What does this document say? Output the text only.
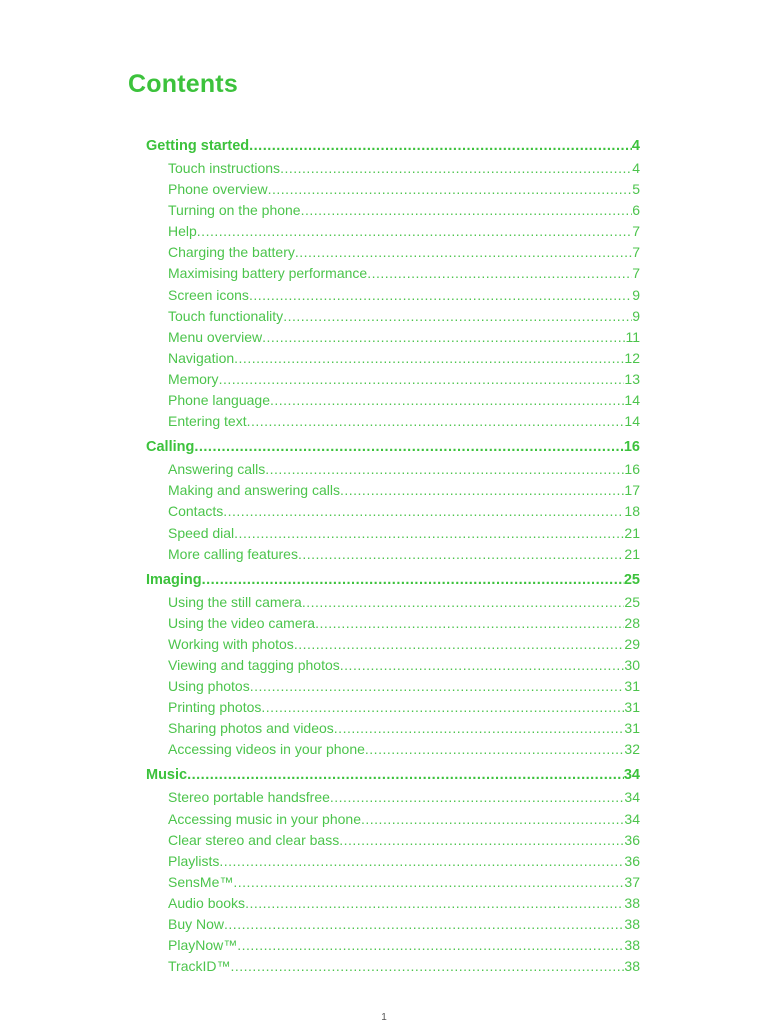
Contents
Getting started .....	4
Touch instructions .....	4
Phone overview .....	5
Turning on the phone .....	6
Help .....	7
Charging the battery .....	7
Maximising battery performance .....	7
Screen icons .....	9
Touch functionality .....	9
Menu overview .....	11
Navigation .....	12
Memory .....	13
Phone language .....	14
Entering text .....	14
Calling .....	16
Answering calls .....	16
Making and answering calls .....	17
Contacts .....	18
Speed dial .....	21
More calling features .....	21
Imaging .....	25
Using the still camera .....	25
Using the video camera .....	28
Working with photos .....	29
Viewing and tagging photos .....	30
Using photos .....	31
Printing photos .....	31
Sharing photos and videos .....	31
Accessing videos in your phone .....	32
Music .....	34
Stereo portable handsfree .....	34
Accessing music in your phone .....	34
Clear stereo and clear bass .....	36
Playlists .....	36
SensMe™ .....	37
Audio books .....	38
Buy Now .....	38
PlayNow™ .....	38
TrackID™ .....	38
1
